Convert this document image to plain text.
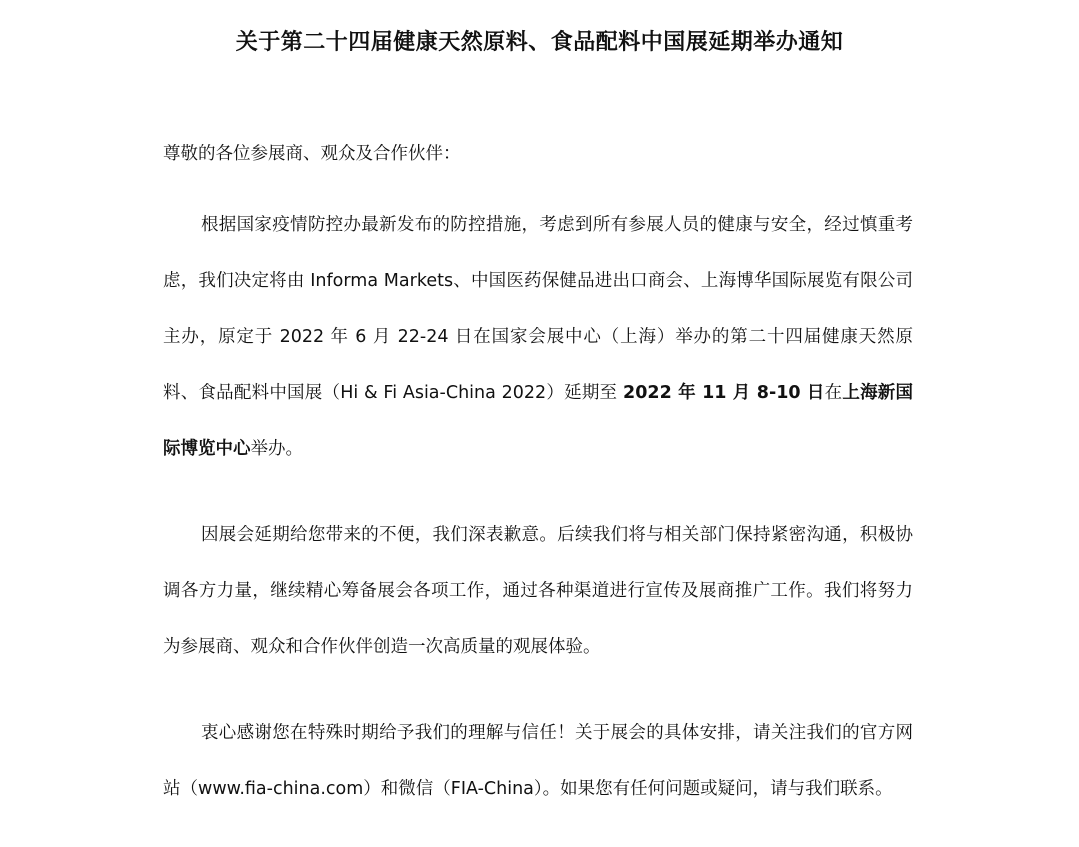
关于第二十四届健康天然原料、食品配料中国展延期举办通知
尊敬的各位参展商、观众及合作伙伴：

根据国家疫情防控办最新发布的防控措施，考虑到所有参展人员的健康与安全，经过慎重考虑，我们决定将由 Informa Markets、中国医药保健品进出口商会、上海博华国际展览有限公司主办，原定于 2022 年 6 月 22-24 日在国家会展中心（上海）举办的第二十四届健康天然原料、食品配料中国展（Hi & Fi Asia-China 2022）延期至 2022 年 11 月 8-10 日在上海新国际博览中心举办。

因展会延期给您带来的不便，我们深表歉意。后续我们将与相关部门保持紧密沟通，积极协调各方力量，继续精心筹备展会各项工作，通过各种渠道进行宣传及展商推广工作。我们将努力为参展商、观众和合作伙伴创造一次高质量的观展体验。

衷心感谢您在特殊时期给予我们的理解与信任！关于展会的具体安排，请关注我们的官方网站（www.fia-china.com）和微信（FIA-China）。如果您有任何问题或疑问，请与我们联系。
